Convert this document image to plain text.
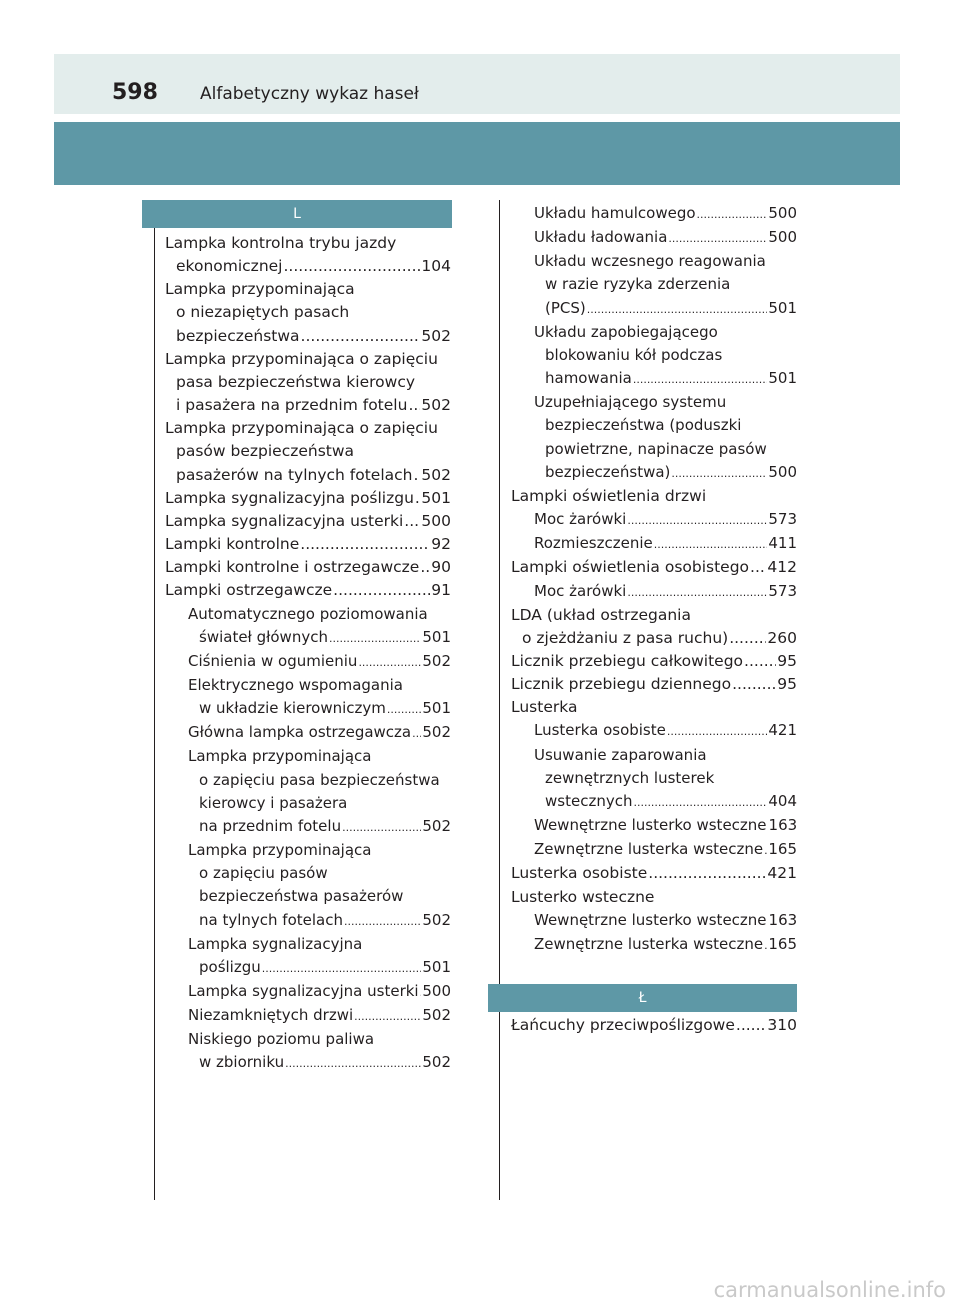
598 Alfabetyczny wykaz haseł
L
Lampka kontrolna trybu jazdy
ekonomicznej .....	104
Lampka przypominająca
o niezapiętych pasach
bezpieczeństwa .....	502
Lampka przypominająca o zapięciu
pasa bezpieczeństwa kierowcy
i pasażera na przednim fotelu ..... 502
Lampka przypominająca o zapięciu
pasów bezpieczeństwa
pasażerów na tylnych fotelach ..... 502
Lampka sygnalizacyjna poślizgu ..... 501
Lampka sygnalizacyjna usterki ..... 500
Lampki kontrolne .....	92
Lampki kontrolne i ostrzegawcze ..... 90
Lampki ostrzegawcze .....	91
Automatycznego poziomowania
świateł głównych .....	501
Ciśnienia w ogumieniu .....	502
Elektrycznego wspomagania
w układzie kierowniczym ..... 501
Główna lampka ostrzegawcza ..... 502
Lampka przypominająca
o zapięciu pasa bezpieczeństwa
kierowcy i pasażera
na przednim fotelu .....	502
Lampka przypominająca
o zapięciu pasów
bezpieczeństwa pasażerów
na tylnych fotelach .....	502
Lampka sygnalizacyjna
poślizgu .....	501
Lampka sygnalizacyjna usterki ..... 500
Niezamkniętych drzwi .....	502
Niskiego poziomu paliwa
w zbiorniku .....	502
Układu hamulcowego .....	500
Układu ładowania .....	500
Układu wczesnego reagowania
w razie ryzyka zderzenia
(PCS) .....	501
Układu zapobiegającego
blokowaniu kół podczas
hamowania .....	501
Uzupełniającego systemu
bezpieczeństwa (poduszki
powietrzne, napinacze pasów
bezpieczeństwa) .....	500
Lampki oświetlenia drzwi
Moc żarówki .....	573
Rozmieszczenie .....	411
Lampki oświetlenia osobistego ..... 412
Moc żarówki .....	573
LDA (układ ostrzegania
o zjeżdżaniu z pasa ruchu) .....	260
Licznik przebiegu całkowitego ..... 95
Licznik przebiegu dziennego .....	95
Lusterka
Lusterka osobiste .....	421
Usuwanie zaparowania
zewnętrznych lusterek
wstecznych .....	404
Wewnętrzne lusterko wsteczne 163
Zewnętrzne lusterka wsteczne ..... 165
Lusterka osobiste .....	421
Lusterko wsteczne
Wewnętrzne lusterko wsteczne 163
Zewnętrzne lusterka wsteczne ..... 165
Ł
Łańcuchy przeciwpoślizgowe ..... 310
carmanualsonline.info
